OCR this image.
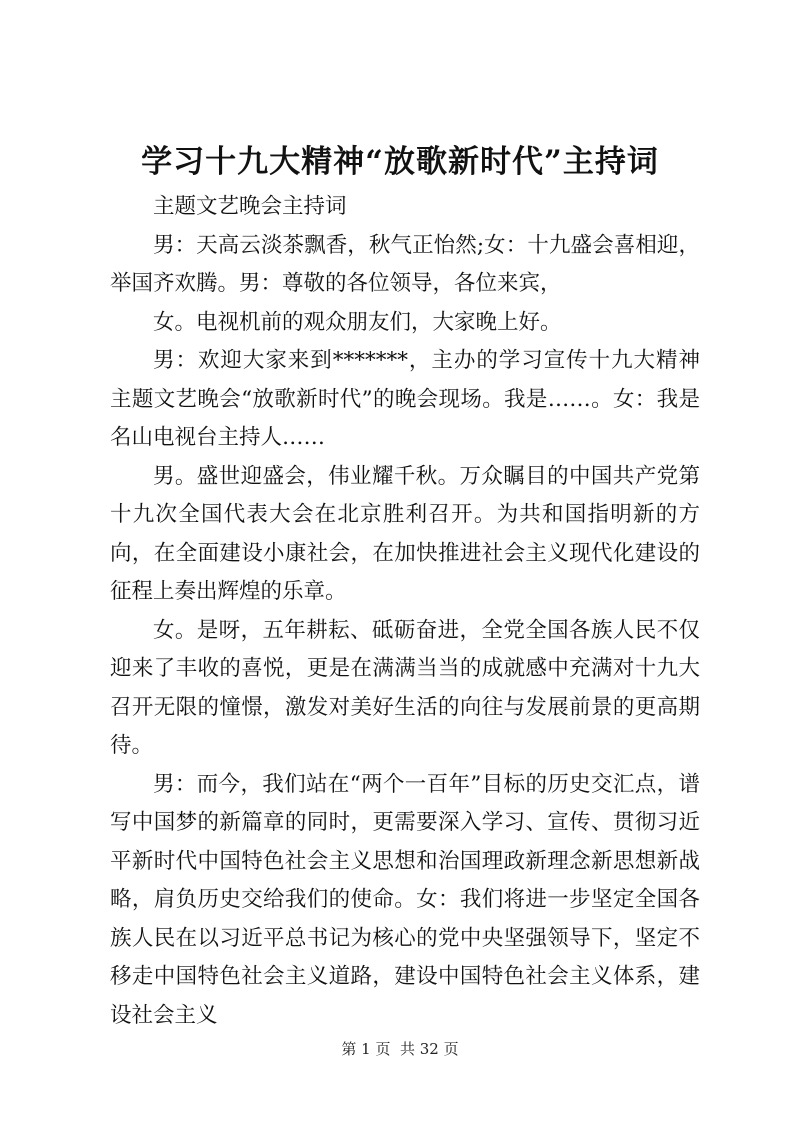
学习十九大精神“放歌新时代”主持词

主题文艺晚会主持词

男：天高云淡茶飘香，秋气正怡然;女：十九盛会喜相迎，举国齐欢腾。男：尊敬的各位领导，各位来宾，

女。电视机前的观众朋友们，大家晚上好。

男：欢迎大家来到*******，主办的学习宣传十九大精神主题文艺晚会“放歌新时代”的晚会现场。我是……。女：我是名山电视台主持人……

男。盛世迎盛会，伟业耀千秋。万众瞩目的中国共产党第十九次全国代表大会在北京胜利召开。为共和国指明新的方向，在全面建设小康社会，在加快推进社会主义现代化建设的征程上奏出辉煌的乐章。

女。是呀，五年耕耘、砥砺奋进，全党全国各族人民不仅迎来了丰收的喜悦，更是在满满当当的成就感中充满对十九大召开无限的憧憬，激发对美好生活的向往与发展前景的更高期待。

男：而今，我们站在“两个一百年”目标的历史交汇点，谱写中国梦的新篇章的同时，更需要深入学习、宣传、贯彻习近平新时代中国特色社会主义思想和治国理政新理念新思想新战略，肩负历史交给我们的使命。女：我们将进一步坚定全国各族人民在以习近平总书记为核心的党中央坚强领导下，坚定不移走中国特色社会主义道路，建设中国特色社会主义体系，建设社会主义

第 1 页  共 32 页
